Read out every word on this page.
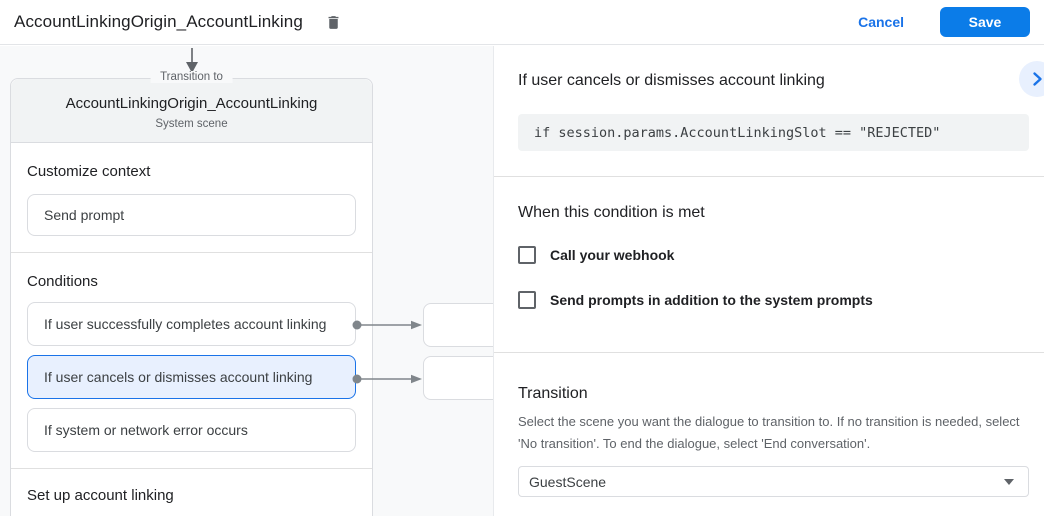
AccountLinkingOrigin_AccountLinking	Cancel	Save
Transition to
AccountLinkingOrigin_AccountLinking
System scene
Customize context
Send prompt
Conditions
If user successfully completes account linking
If user cancels or dismisses account linking
If system or network error occurs
Set up account linking
If user cancels or dismisses account linking
if session.params.AccountLinkingSlot == "REJECTED"
When this condition is met
Call your webhook
Send prompts in addition to the system prompts
Transition
Select the scene you want the dialogue to transition to. If no transition is needed, select 'No transition'. To end the dialogue, select 'End conversation'.
GuestScene
